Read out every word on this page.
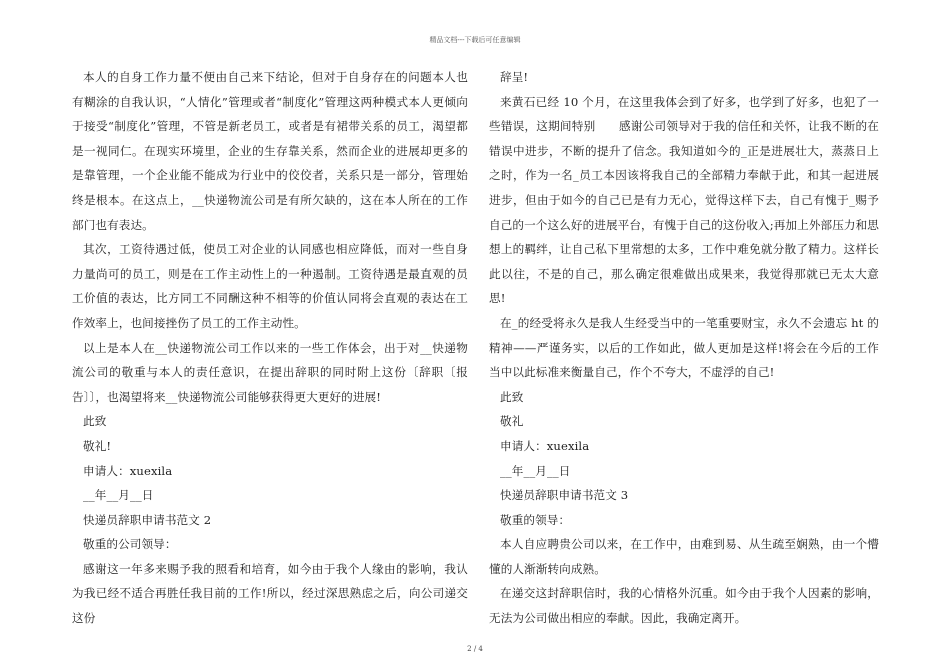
精品文档---下载后可任意编辑

本人的自身工作力量不便由自己来下结论，但对于自身存在的问题本人也有糊涂的自我认识，“人情化”管理或者“制度化”管理这两种模式本人更倾向于接受“制度化”管理，不管是新老员工，或者是有裙带关系的员工，渴望都是一视同仁。在现实环境里，企业的生存靠关系，然而企业的进展却更多的是靠管理，一个企业能不能成为行业中的佼佼者，关系只是一部分，管理始终是根本。在这点上，__快递物流公司是有所欠缺的，这在本人所在的工作部门也有表达。

其次，工资待遇过低，使员工对企业的认同感也相应降低，而对一些自身力量尚可的员工，则是在工作主动性上的一种遏制。工资待遇是最直观的员工价值的表达，比方同工不同酬这种不相等的价值认同将会直观的表达在工作效率上，也间接挫伤了员工的工作主动性。

以上是本人在__快递物流公司工作以来的一些工作体会，出于对__快递物流公司的敬重与本人的责任意识，在提出辞职的同时附上这份〔辞职〔报告〕〕，也渴望将来__快递物流公司能够获得更大更好的进展!

此致

敬礼!

申请人：xuexila

__年__月__日

快递员辞职申请书范文 2

敬重的公司领导：

感谢这一年多来赐予我的照看和培育，如今由于我个人缘由的影响，我认为我已经不适合再胜任我目前的工作!所以，经过深思熟虑之后，向公司递交这份

辞呈!

来黄石已经 10 个月，在这里我体会到了好多，也学到了好多，也犯了一些错误，这期间特别　　感谢公司领导对于我的信任和关怀，让我不断的在错误中进步，不断的提升了信念。我知道如今的_正是进展壮大，蒸蒸日上之时，作为一名_员工本因该将我自己的全部精力奉献于此，和其一起进展进步，但由于如今的自己已是有力无心，觉得这样下去，自己有愧于_赐予自己的一个这么好的进展平台，有愧于自己的这份收入;再加上外部压力和思想上的羁绊，让自己私下里常想的太多，工作中难免就分散了精力。这样长此以往，不是的自己，那么确定很难做出成果来，我觉得那就已无太大意思!

在_的经受将永久是我人生经受当中的一笔重要财宝，永久不会遗忘 ht 的精神——严谨务实，以后的工作如此，做人更加是这样!将会在今后的工作当中以此标准来衡量自己，作个不夸大，不虚浮的自己!

此致

敬礼

申请人：xuexila

__年__月__日

快递员辞职申请书范文 3

敬重的领导：

本人自应聘贵公司以来，在工作中，由难到易、从生疏至娴熟，由一个懵懂的人渐渐转向成熟。

在递交这封辞职信时，我的心情格外沉重。如今由于我个人因素的影响，无法为公司做出相应的奉献。因此，我确定离开。

2 / 4
